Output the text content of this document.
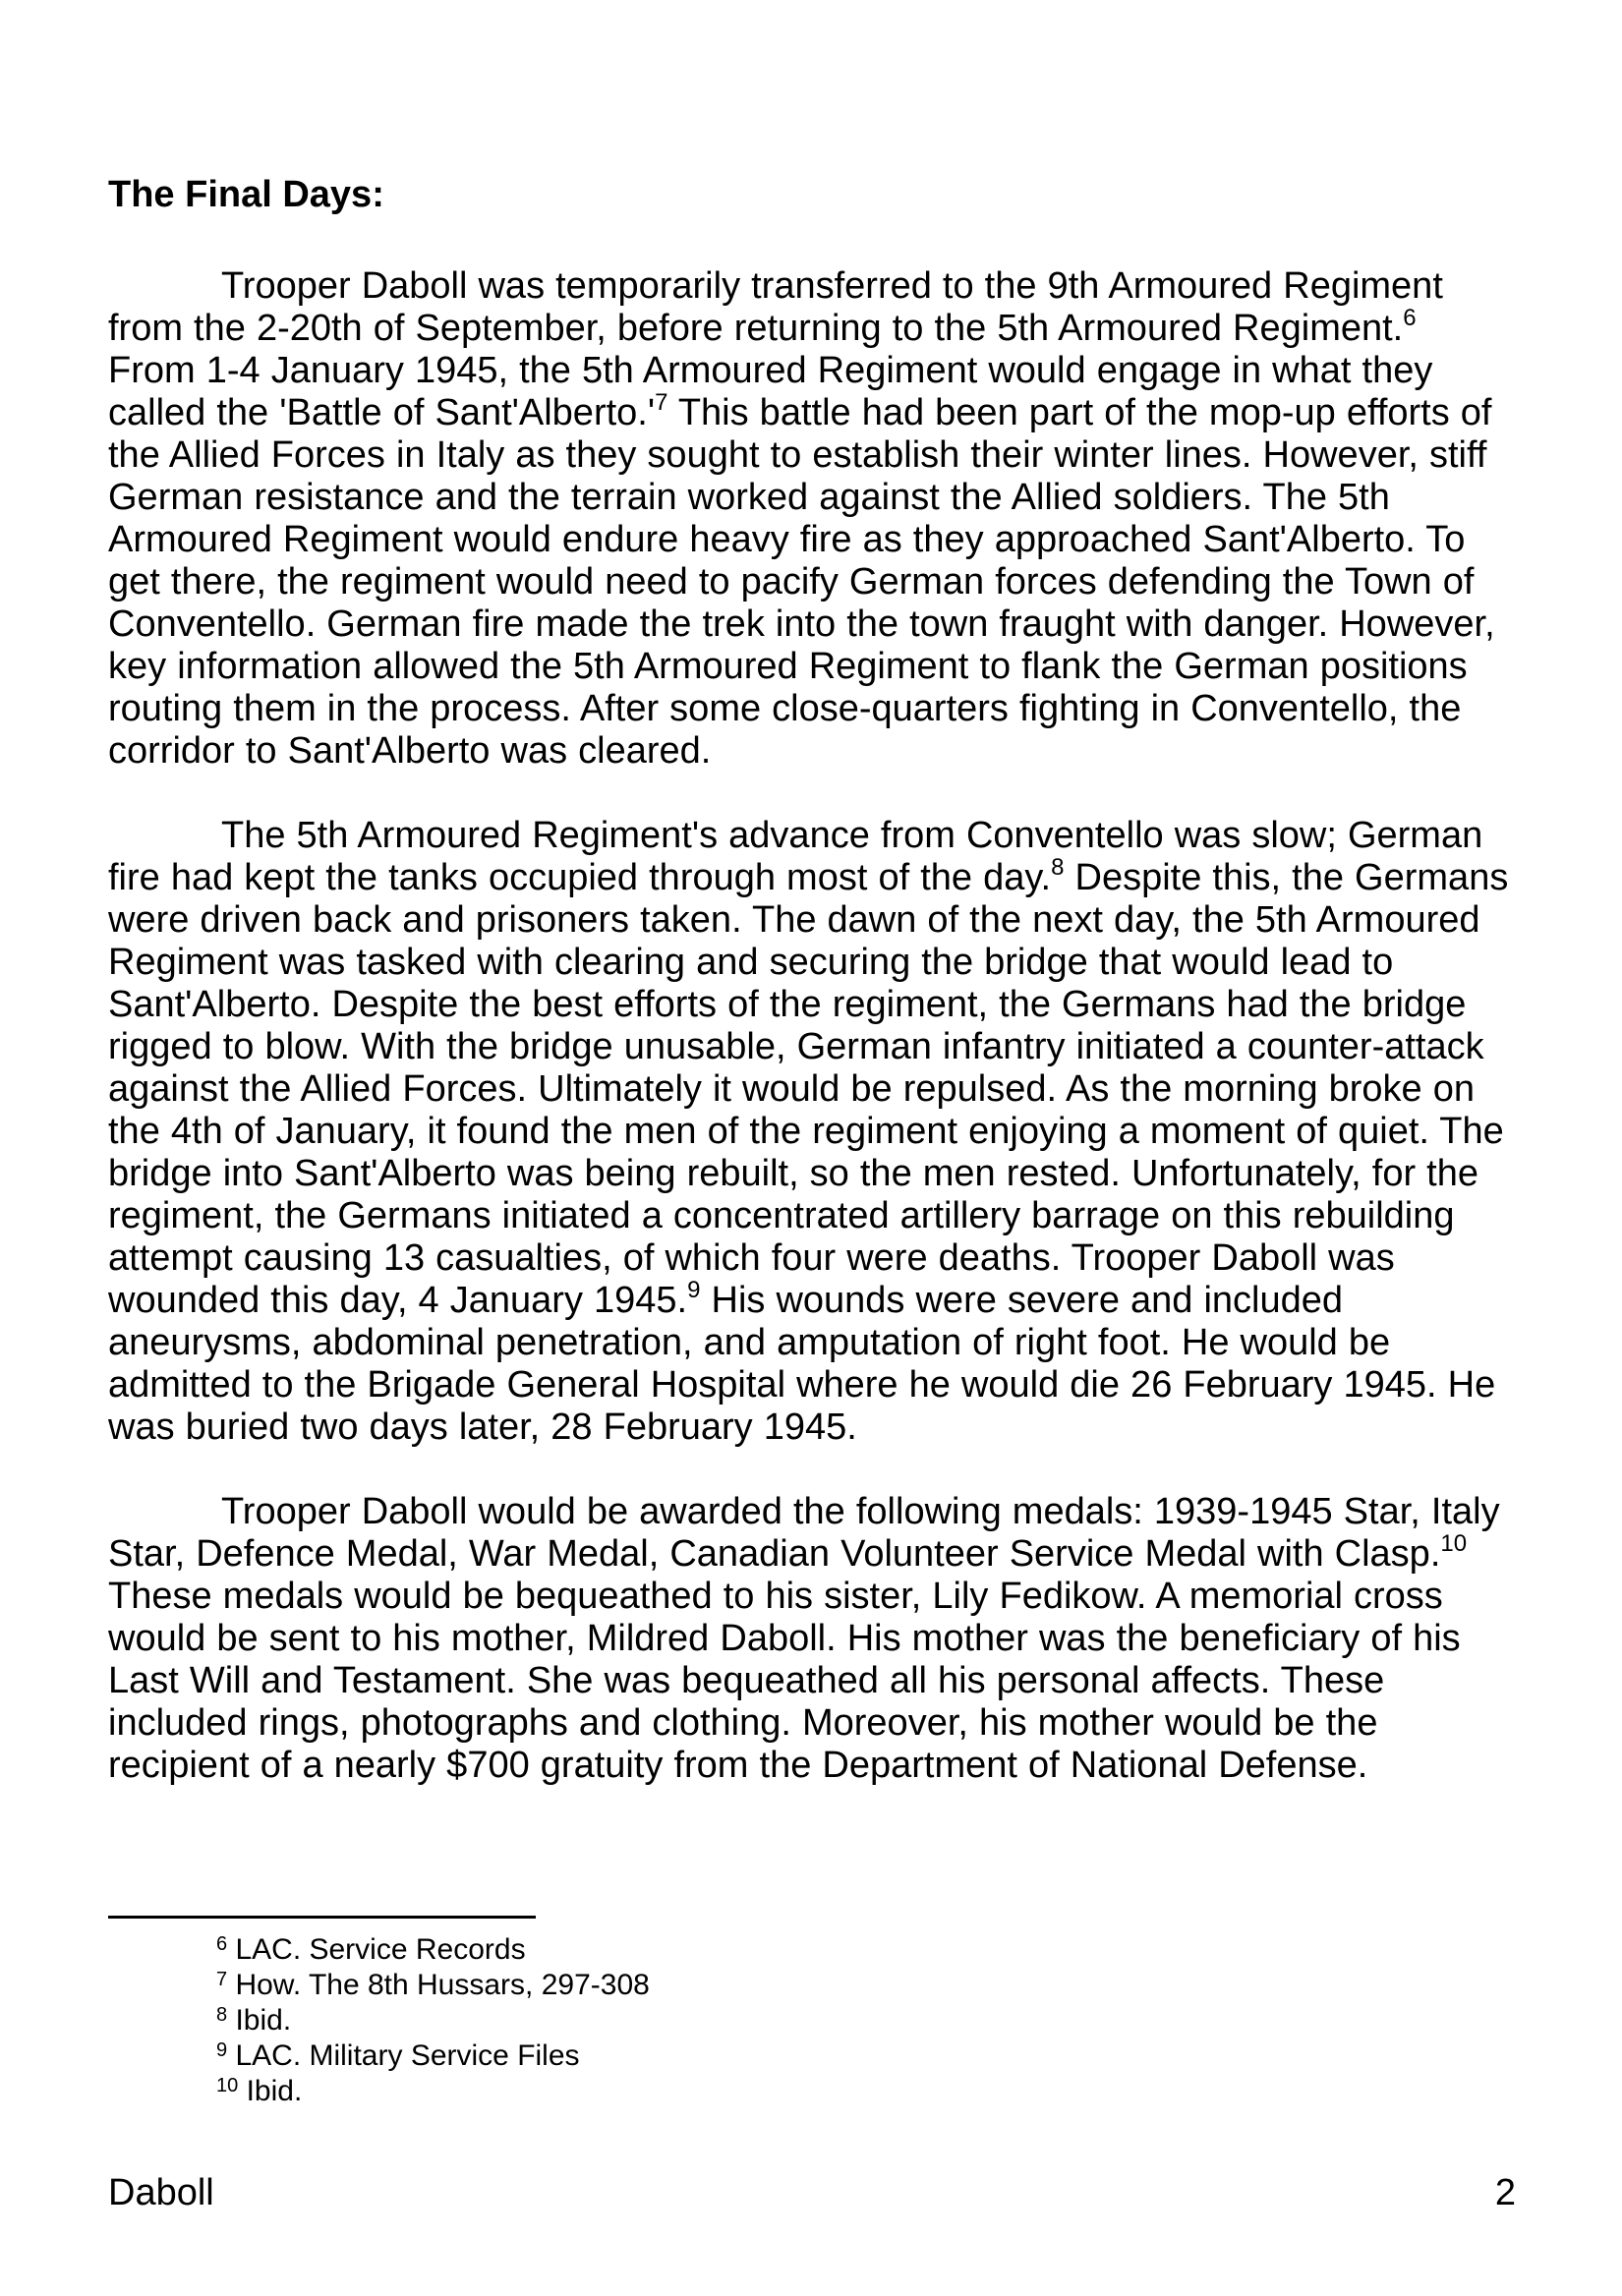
The Final Days:

Trooper Daboll was temporarily transferred to the 9th Armoured Regiment from the 2-20th of September, before returning to the 5th Armoured Regiment.$^6$  From 1-4 January 1945, the 5th Armoured Regiment would engage in what they called the 'Battle of Sant'Alberto.'$^7$ This battle had been part of the mop-up efforts of the Allied Forces in Italy as they sought to establish their winter lines. However, stiff German resistance and the terrain worked against the Allied soldiers. The 5th Armoured Regiment would endure heavy fire as they approached Sant'Alberto. To get there, the regiment would need to pacify German forces defending the Town of Conventello. German fire made the trek into the town fraught with danger. However, key information allowed the 5th Armoured Regiment to flank the German positions routing them in the process. After some close-quarters fighting in Conventello, the corridor to Sant'Alberto was cleared.

The 5th Armoured Regiment's advance from Conventello was slow; German fire had kept the tanks occupied through most of the day.$^8$ Despite this, the Germans were driven back and prisoners taken. The dawn of the next day, the 5th Armoured Regiment was tasked with clearing and securing the bridge that would lead to Sant'Alberto. Despite the best efforts of the regiment, the Germans had the bridge rigged to blow. With the bridge unusable, German infantry initiated a counter-attack against the Allied Forces. Ultimately it would be repulsed. As the morning broke on the 4th of January, it found the men of the regiment enjoying a moment of quiet. The bridge into Sant'Alberto was being rebuilt, so the men rested. Unfortunately, for the regiment, the Germans initiated a concentrated artillery barrage on this rebuilding attempt causing 13 casualties, of which four were deaths. Trooper Daboll was wounded this day, 4 January 1945.$^9$ His wounds were severe and included aneurysms, abdominal penetration, and amputation of right foot. He would be admitted to the Brigade General Hospital where he would die 26 February 1945. He was buried two days later, 28 February 1945.

Trooper Daboll would be awarded the following medals: 1939-1945 Star, Italy Star, Defence Medal, War Medal, Canadian Volunteer Service Medal with Clasp.$^{10}$ These medals would be bequeathed to his sister, Lily Fedikow. A memorial cross would be sent to his mother, Mildred Daboll. His mother was the beneficiary of his Last Will and Testament. She was bequeathed all his personal affects. These included rings, photographs and clothing. Moreover, his mother would be the recipient of a nearly $700 gratuity from the Department of National Defense.

$^6$ LAC. Service Records
$^7$ How. The 8th Hussars, 297-308
$^8$ Ibid.
$^9$ LAC. Military Service Files
$^{10}$ Ibid.
Daboll	2
